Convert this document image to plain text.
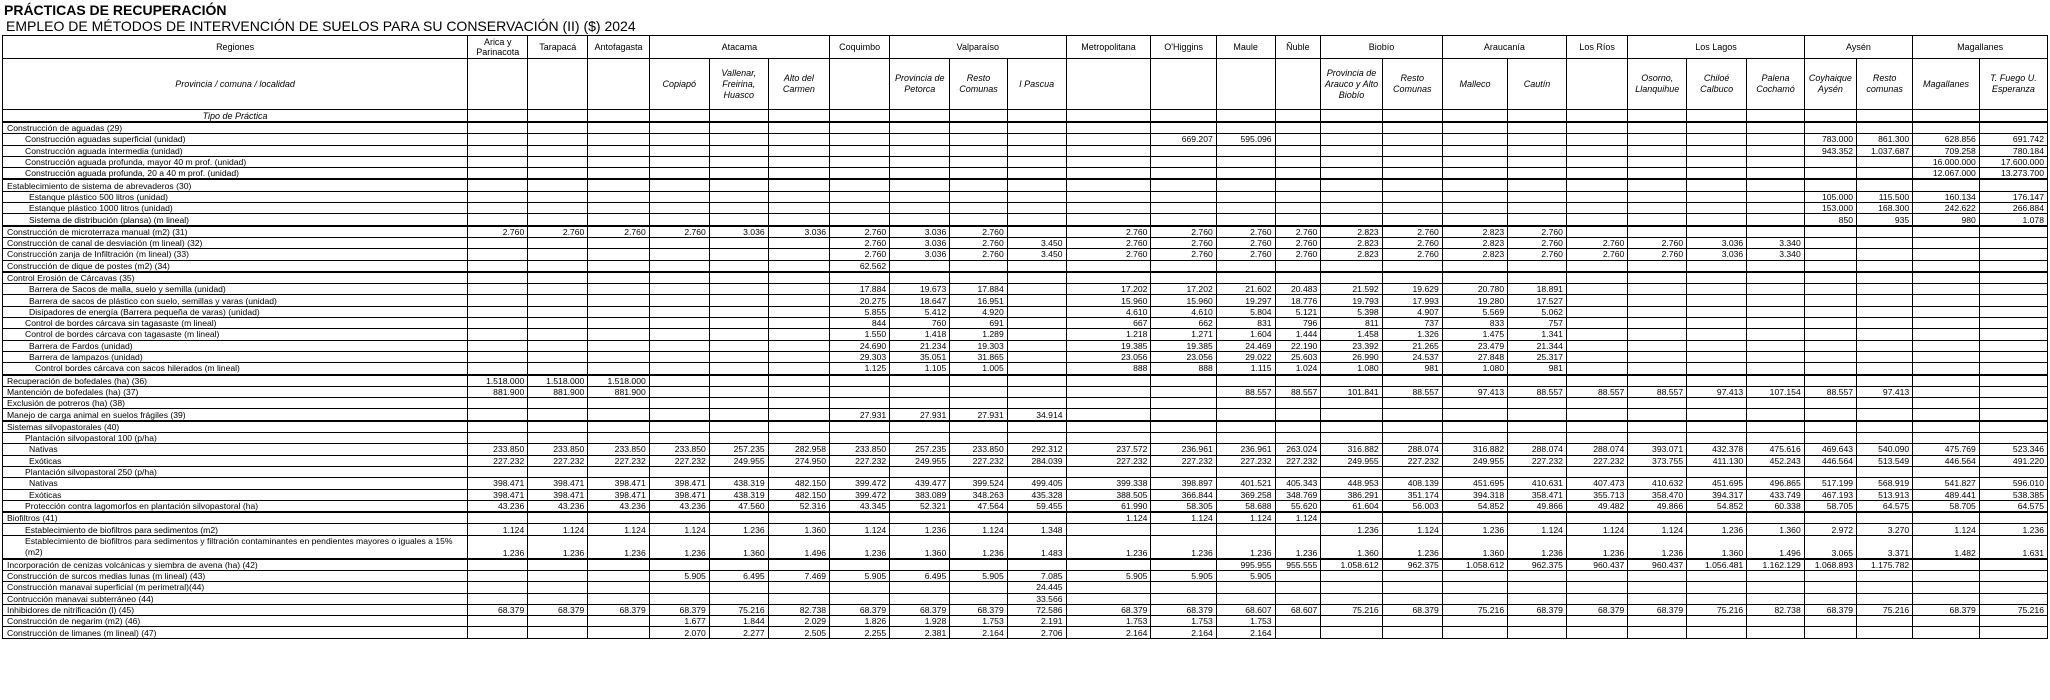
PRÁCTICAS DE RECUPERACIÓN
EMPLEO DE MÉTODOS DE INTERVENCIÓN DE SUELOS PARA SU CONSERVACIÓN (II) ($) 2024
Regiones	Arica y Parinacota	Tarapacá	Antofagasta	Atacama			Coquimbo	Valparaíso			Metropolitana	O'Higgins	Maule	Ñuble	Biobío		Araucanía		Los Ríos	Los Lagos			Aysén		Magallanes	
Provincia / comuna / localidad				Copiapó	Vallenar, Freirina, Huasco	Alto del Carmen		Provincia de Petorca	Resto Comunas	I Pascua					Provincia de Arauco y Alto Biobío	Resto Comunas	Malleco	Cautín		Osorno, Llanquihue	Chiloé Calbuco	Palena Cochamó	Coyhaique Aysén	Resto comunas	Magallanes	T. Fuego U. Esperanza
Tipo de Práctica																										
Construcción de aguadas (29)																										
Construcción aguadas superficial (unidad)												669.207	595.096										783.000	861.300	628.856	691.742
Construcción aguada intermedia (unidad)																							943.352	1.037.687	709.258	780.184
Construcción aguada profunda, mayor 40 m prof. (unidad)																									16.000.000	17.600.000
Construcción aguada profunda, 20 a 40 m prof. (unidad)																									12.067.000	13.273.700
Establecimiento de sistema de abrevaderos (30)																										
Estanque plástico 500 litros (unidad)																							105.000	115.500	160.134	176.147
Estanque plástico 1000 litros (unidad)																							153.000	168.300	242.622	266.884
Sistema de distribución (plansa) (m lineal)																							850	935	980	1.078
Construcción de microterraza manual (m2) (31)	2.760	2.760	2.760	2.760	3.036	3.036	2.760	3.036	2.760		2.760	2.760	2.760	2.760	2.823	2.760	2.823	2.760								
Construcción de canal de desviación (m lineal) (32)							2.760	3.036	2.760	3.450	2.760	2.760	2.760	2.760	2.823	2.760	2.823	2.760	2.760	2.760	3.036	3.340				
Construcción zanja de Infiltración (m lineal) (33)							2.760	3.036	2.760	3.450	2.760	2.760	2.760	2.760	2.823	2.760	2.823	2.760	2.760	2.760	3.036	3.340				
Construcción de dique de postes (m2) (34)							62.562																			
Control Erosión de Cárcavas (35)																										
Barrera de Sacos de malla, suelo y semilla (unidad)							17.884	19.673	17.884		17.202	17.202	21.602	20.483	21.592	19.629	20.780	18.891								
Barrera de sacos de plástico con suelo, semillas y varas (unidad)							20.275	18.647	16.951		15.960	15.960	19.297	18.776	19.793	17.993	19.280	17.527								
Disipadores de energía (Barrera pequeña de varas) (unidad)							5.855	5.412	4.920		4.610	4.610	5.804	5.121	5.398	4.907	5.569	5.062								
Control de bordes cárcava sin tagasaste (m lineal)							844	760	691		667	662	831	796	811	737	833	757								
Control de bordes cárcava con tagasaste (m lineal)							1.550	1.418	1.289		1.218	1.271	1.604	1.444	1.458	1.326	1.475	1.341								
Barrera de Fardos (unidad)							24.690	21.234	19.303		19.385	19.385	24.469	22.190	23.392	21.265	23.479	21.344								
Barrera de lampazos (unidad)							29.303	35.051	31.865		23.056	23.056	29.022	25.603	26.990	24.537	27.848	25.317								
Control bordes cárcava con sacos hilerados (m lineal)							1.125	1.105	1.005		888	888	1.115	1.024	1.080	981	1.080	981								
Recuperación de bofedales (ha) (36)	1.518.000	1.518.000	1.518.000																							
Mantención de bofedales (ha) (37)	881.900	881.900	881.900										88.557	88.557	101.841	88.557	97.413	88.557	88.557	88.557	97.413	107.154	88.557	97.413		
Exclusión de potreros (ha) (38)																										
Manejo de carga animal en suelos frágiles (39)							27.931	27.931	27.931	34.914																
Sistemas silvopastorales (40)																										
Plantación silvopastoral 100 (p/ha)																										
Nativas	233.850	233.850	233.850	233.850	257.235	282.958	233.850	257.235	233.850	292.312	237.572	236.961	236.961	263.024	316.882	288.074	316.882	288.074	288.074	393.071	432.378	475.616	469.643	540.090	475.769	523.346
Exóticas	227.232	227.232	227.232	227.232	249.955	274.950	227.232	249.955	227.232	284.039	227.232	227.232	227.232	227.232	249.955	227.232	249.955	227.232	227.232	373.755	411.130	452.243	446.564	513.549	446.564	491.220
Plantación silvopastoral 250 (p/ha)																										
Nativas	398.471	398.471	398.471	398.471	438.319	482.150	399.472	439.477	399.524	499.405	399.338	398.897	401.521	405.343	448.953	408.139	451.695	410.631	407.473	410.632	451.695	496.865	517.199	568.919	541.827	596.010
Exóticas	398.471	398.471	398.471	398.471	438.319	482.150	399.472	383.089	348.263	435.328	388.505	366.844	369.258	348.769	386.291	351.174	394.318	358.471	355.713	358.470	394.317	433.749	467.193	513.913	489.441	538.385
Protección contra lagomorfos en plantación silvopastoral (ha)	43.236	43.236	43.236	43.236	47.560	52.316	43.345	52.321	47.564	59.455	61.990	58.305	58.688	55.620	61.604	56.003	54.852	49.866	49.482	49.866	54.852	60.338	58.705	64.575	58.705	64.575
Biofiltros (41)											1.124	1.124	1.124	1.124												
Establecimiento de biofiltros para sedimentos (m2)	1.124	1.124	1.124	1.124	1.236	1.360	1.124	1.236	1.124	1.348					1.236	1.124	1.236	1.124	1.124	1.124	1.236	1.360	2.972	3.270	1.124	1.236
Establecimiento de biofiltros para sedimentos y filtración contaminantes en pendientes mayores o iguales a 15% (m2)	1.236	1.236	1.236	1.236	1.360	1.496	1.236	1.360	1.236	1.483	1.236	1.236	1.236	1.236	1.360	1.236	1.360	1.236	1.236	1.236	1.360	1.496	3.065	3.371	1.482	1.631
Incorporación de cenizas volcánicas y siembra de avena (ha) (42)													995.955	955.555	1.058.612	962.375	1.058.612	962.375	960.437	960.437	1.056.481	1.162.129	1.068.893	1.175.782		
Construcción de surcos medias lunas (m lineal) (43)				5.905	6.495	7.469	5.905	6.495	5.905	7.085	5.905	5.905	5.905													
Construcción manavai superficial (m perimetral)(44)										24.445																
Contrucción manavai subterráneo (44)										33.566																
Inhibidores de nitrificación (l) (45)	68.379	68.379	68.379	68.379	75.216	82.738	68.379	68.379	68.379	72.586	68.379	68.379	68.607	68.607	75.216	68.379	75.216	68.379	68.379	68.379	75.216	82.738	68.379	75.216	68.379	75.216
Construcción de negarim (m2) (46)				1.677	1.844	2.029	1.826	1.928	1.753	2.191	1.753	1.753	1.753													
Construcción de limanes (m lineal) (47)				2.070	2.277	2.505	2.255	2.381	2.164	2.706	2.164	2.164	2.164													
